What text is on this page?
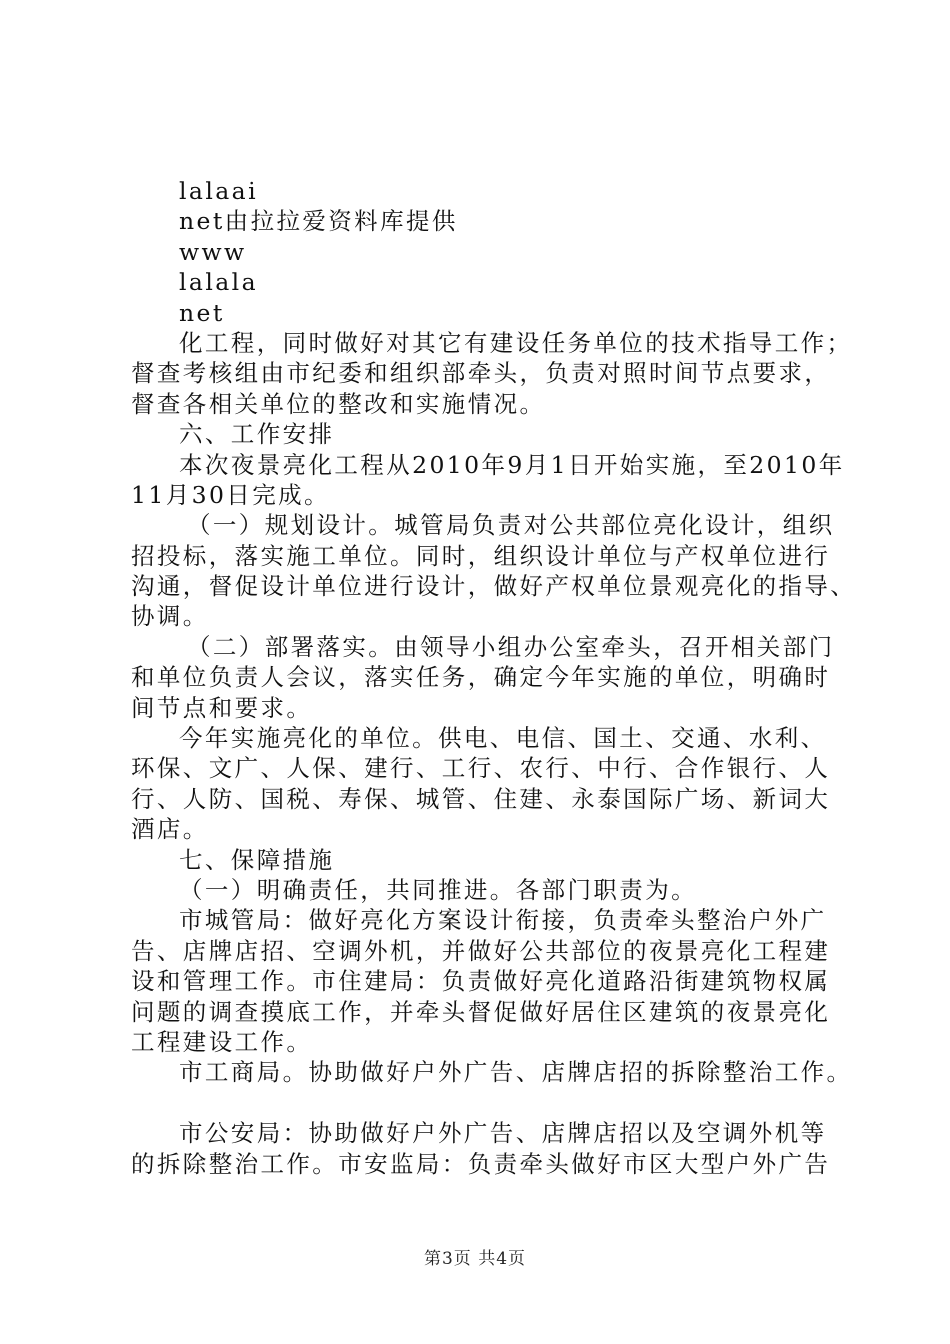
lalaai
net由拉拉爱资料库提供
www
lalala
net
化工程，同时做好对其它有建设任务单位的技术指导工作；
督查考核组由市纪委和组织部牵头，负责对照时间节点要求，
督查各相关单位的整改和实施情况。
六、工作安排
本次夜景亮化工程从2010年9月1日开始实施，至2010年
11月30日完成。
（一）规划设计。城管局负责对公共部位亮化设计，组织
招投标，落实施工单位。同时，组织设计单位与产权单位进行
沟通，督促设计单位进行设计，做好产权单位景观亮化的指导、
协调。
（二）部署落实。由领导小组办公室牵头，召开相关部门
和单位负责人会议，落实任务，确定今年实施的单位，明确时
间节点和要求。
今年实施亮化的单位。供电、电信、国土、交通、水利、
环保、文广、人保、建行、工行、农行、中行、合作银行、人
行、人防、国税、寿保、城管、住建、永泰国际广场、新词大
酒店。
七、保障措施
（一）明确责任，共同推进。各部门职责为。
市城管局：做好亮化方案设计衔接，负责牵头整治户外广
告、店牌店招、空调外机，并做好公共部位的夜景亮化工程建
设和管理工作。市住建局：负责做好亮化道路沿街建筑物权属
问题的调查摸底工作，并牵头督促做好居住区建筑的夜景亮化
工程建设工作。
市工商局。协助做好户外广告、店牌店招的拆除整治工作。
市公安局：协助做好户外广告、店牌店招以及空调外机等
的拆除整治工作。市安监局：负责牵头做好市区大型户外广告
第3页 共4页
